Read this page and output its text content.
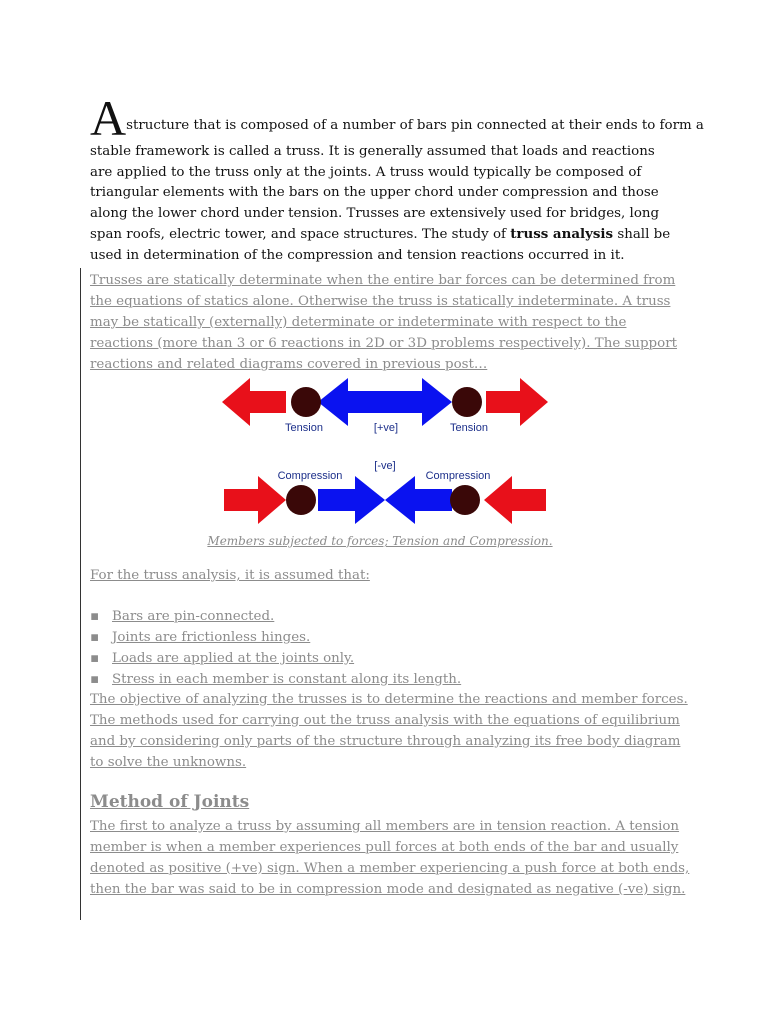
Astructure that is composed of a number of bars pin connected at their ends to form a
stable framework is called a truss. It is generally assumed that loads and reactions are applied to the truss only at the joints. A truss would typically be composed of triangular elements with the bars on the upper chord under compression and those along the lower chord under tension. Trusses are extensively used for bridges, long span roofs, electric tower, and space structures. The study of truss analysis shall be used in determination of the compression and tension reactions occurred in it.
Trusses are statically determinate when the entire bar forces can be determined from the equations of statics alone. Otherwise the truss is statically indeterminate. A truss may be statically (externally) determinate or indeterminate with respect to the reactions (more than 3 or 6 reactions in 2D or 3D problems respectively). The support reactions and related diagrams covered in previous post…
Tension	[+ve]	Tension
[-ve]
Compression	Compression
Members subjected to forces; Tension and Compression.
For the truss analysis, it is assumed that:
▪ Bars are pin-connected.
▪ Joints are frictionless hinges.
▪ Loads are applied at the joints only.
▪ Stress in each member is constant along its length.
The objective of analyzing the trusses is to determine the reactions and member forces. The methods used for carrying out the truss analysis with the equations of equilibrium and by considering only parts of the structure through analyzing its free body diagram to solve the unknowns.
Method of Joints
The first to analyze a truss by assuming all members are in tension reaction. A tension member is when a member experiences pull forces at both ends of the bar and usually denoted as positive (+ve) sign. When a member experiencing a push force at both ends, then the bar was said to be in compression mode and designated as negative (-ve) sign.
